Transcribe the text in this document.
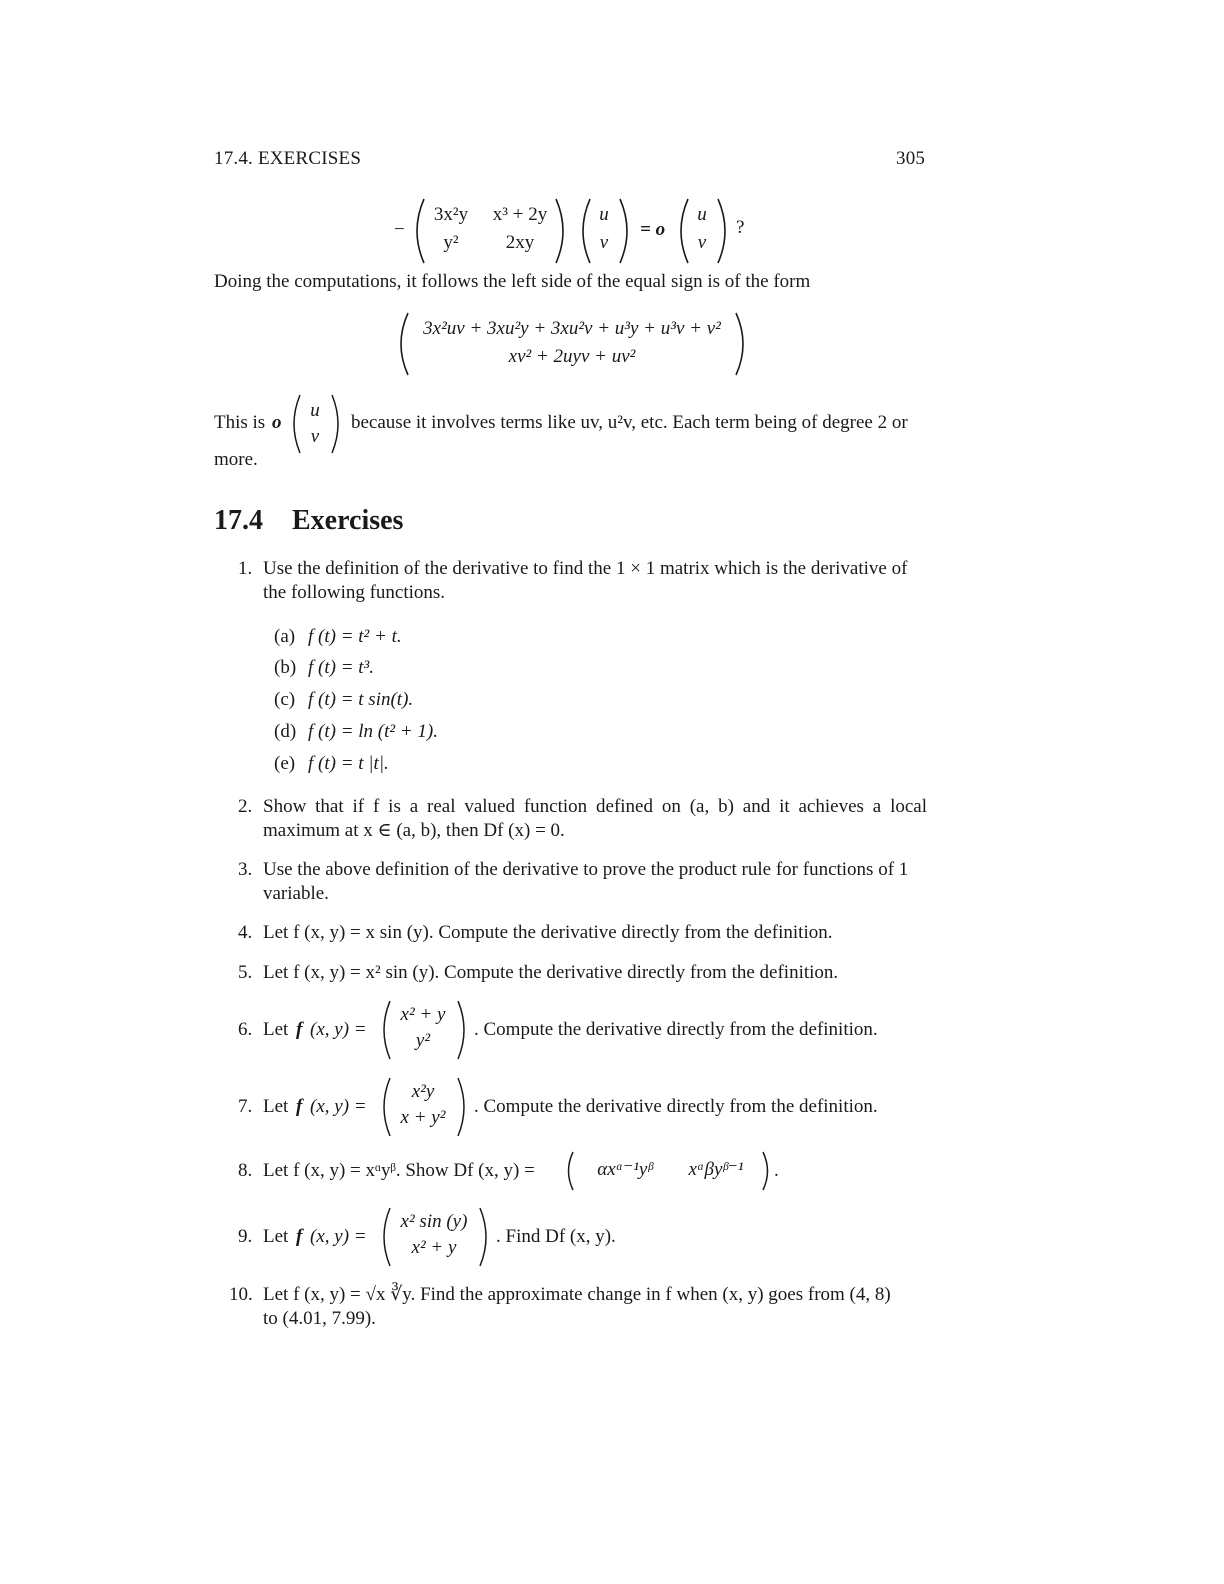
17.4. EXERCISES	305
−
3x²y	x³ + 2y
y²	2xy
u
v
= o
u
v
?
Doing the computations, it follows the left side of the equal sign is of the form
3x²uv + 3xu²y + 3xu²v + u³y + u³v + v²
xv² + 2uyv + uv²
This is o
u
v
because it involves terms like uv, u²v, etc. Each term being of degree 2 or
more.
17.4 Exercises
1. Use the definition of the derivative to find the 1 × 1 matrix which is the derivative of
the following functions.
(a) f (t) = t² + t.
(b) f (t) = t³.
(c) f (t) = t sin(t).
(d) f (t) = ln (t² + 1).
(e) f (t) = t |t|.
2. Show that if f is a real valued function defined on (a, b) and it achieves a local
maximum at x ∈ (a, b), then Df (x) = 0.
3. Use the above definition of the derivative to prove the product rule for functions of 1
variable.
4. Let f (x, y) = x sin (y). Compute the derivative directly from the definition.
5. Let f (x, y) = x² sin (y). Compute the derivative directly from the definition.
6. Let f (x, y) =
x² + y
y²
. Compute the derivative directly from the definition.
7. Let f (x, y) =
x²y
x + y²
. Compute the derivative directly from the definition.
8. Let f (x, y) = xᵅyᵝ. Show Df (x, y) =	αxᵅ⁻¹yᵝ	xᵅβyᵝ⁻¹	.
9. Let f (x, y) =
x² sin (y)
x² + y
. Find Df (x, y).
10. Let f (x, y) = √x ∛y. Find the approximate change in f when (x, y) goes from (4, 8)
to (4.01, 7.99).
